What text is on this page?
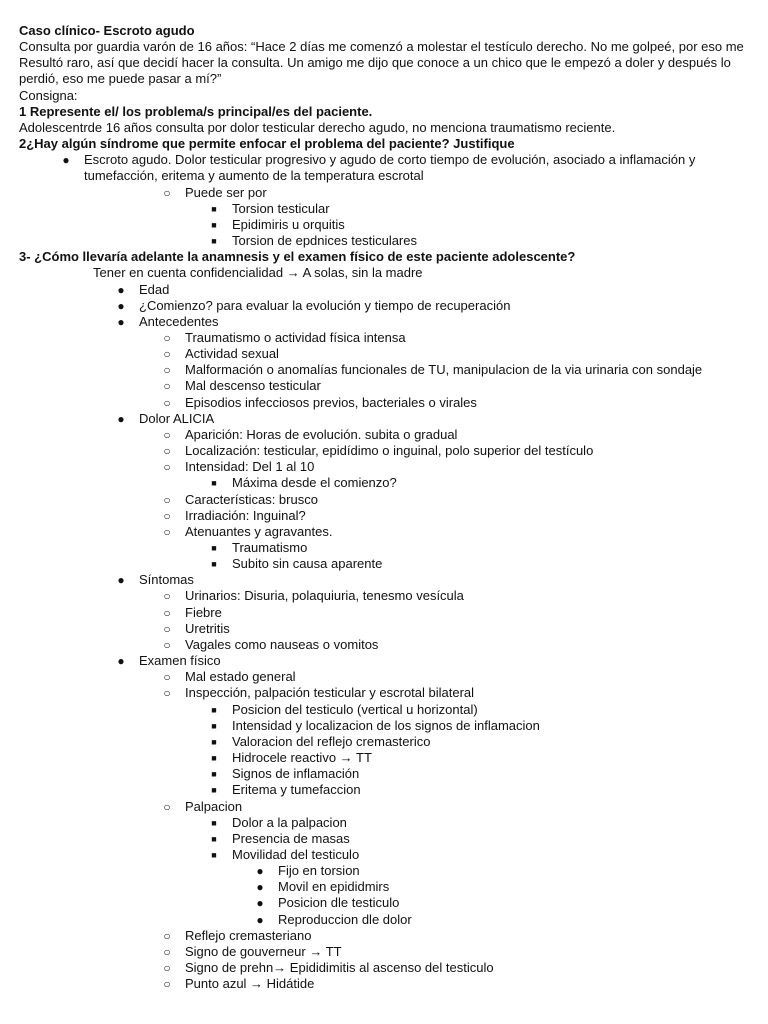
Caso clínico- Escroto agudo
Consulta por guardia varón de 16 años: “Hace 2 días me comenzó a molestar el testículo derecho. No me golpeé, por eso me Resultó raro, así que decidí hacer la consulta. Un amigo me dijo que conoce a un chico que le empezó a doler y después lo perdió, eso me puede pasar a mí?”
Consigna:
1 Represente el/ los problema/s principal/es del paciente.
Adolescentrde 16 años consulta por dolor testicular derecho agudo, no menciona traumatismo reciente.
2¿Hay algún síndrome que permite enfocar el problema del paciente? Justifique
●	Escroto agudo. Dolor testicular progresivo y agudo de corto tiempo de evolución, asociado a inflamación y tumefacción, eritema y aumento de la temperatura escrotal
○	Puede ser por
■	Torsion testicular
■	Epidimiris u orquitis
■	Torsion de epdnices testiculares
3- ¿Cómo llevaría adelante la anamnesis y el examen físico de este paciente adolescente?
Tener en cuenta confidencialidad → A solas, sin la madre
●	Edad
●	¿Comienzo? para evaluar la evolución y tiempo de recuperación
●	Antecedentes
○	Traumatismo o actividad física intensa
○	Actividad sexual
○	Malformación o anomalías funcionales de TU, manipulacion de la via urinaria con sondaje
○	Mal descenso testicular
○	Episodios infecciosos previos, bacteriales o virales
●	Dolor ALICIA
○	Aparición: Horas de evolución. subita o gradual
○	Localización: testicular, epidídimo o inguinal, polo superior del testículo
○	Intensidad: Del 1 al 10
■	Máxima desde el comienzo?
○	Características: brusco
○	Irradiación: Inguinal?
○	Atenuantes y agravantes.
■	Traumatismo
■	Subito sin causa aparente
●	Síntomas
○	Urinarios: Disuria, polaquiuria, tenesmo vesícula
○	Fiebre
○	Uretritis
○	Vagales como nauseas o vomitos
●	Examen físico
○	Mal estado general
○	Inspección, palpación testicular y escrotal bilateral
■	Posicion del testiculo (vertical u horizontal)
■	Intensidad y localizacion de los signos de inflamacion
■	Valoracion del reflejo cremasterico
■	Hidrocele reactivo → TT
■	Signos de inflamación
■	Eritema y tumefaccion
○	Palpacion
■	Dolor a la palpacion
■	Presencia de masas
■	Movilidad del testiculo
●	Fijo en torsion
●	Movil en epididmirs
●	Posicion dle testiculo
●	Reproduccion dle dolor
○	Reflejo cremasteriano
○	Signo de gouverneur → TT
○	Signo de prehn→ Epididimitis al ascenso del testiculo
○	Punto azul → Hidátide
